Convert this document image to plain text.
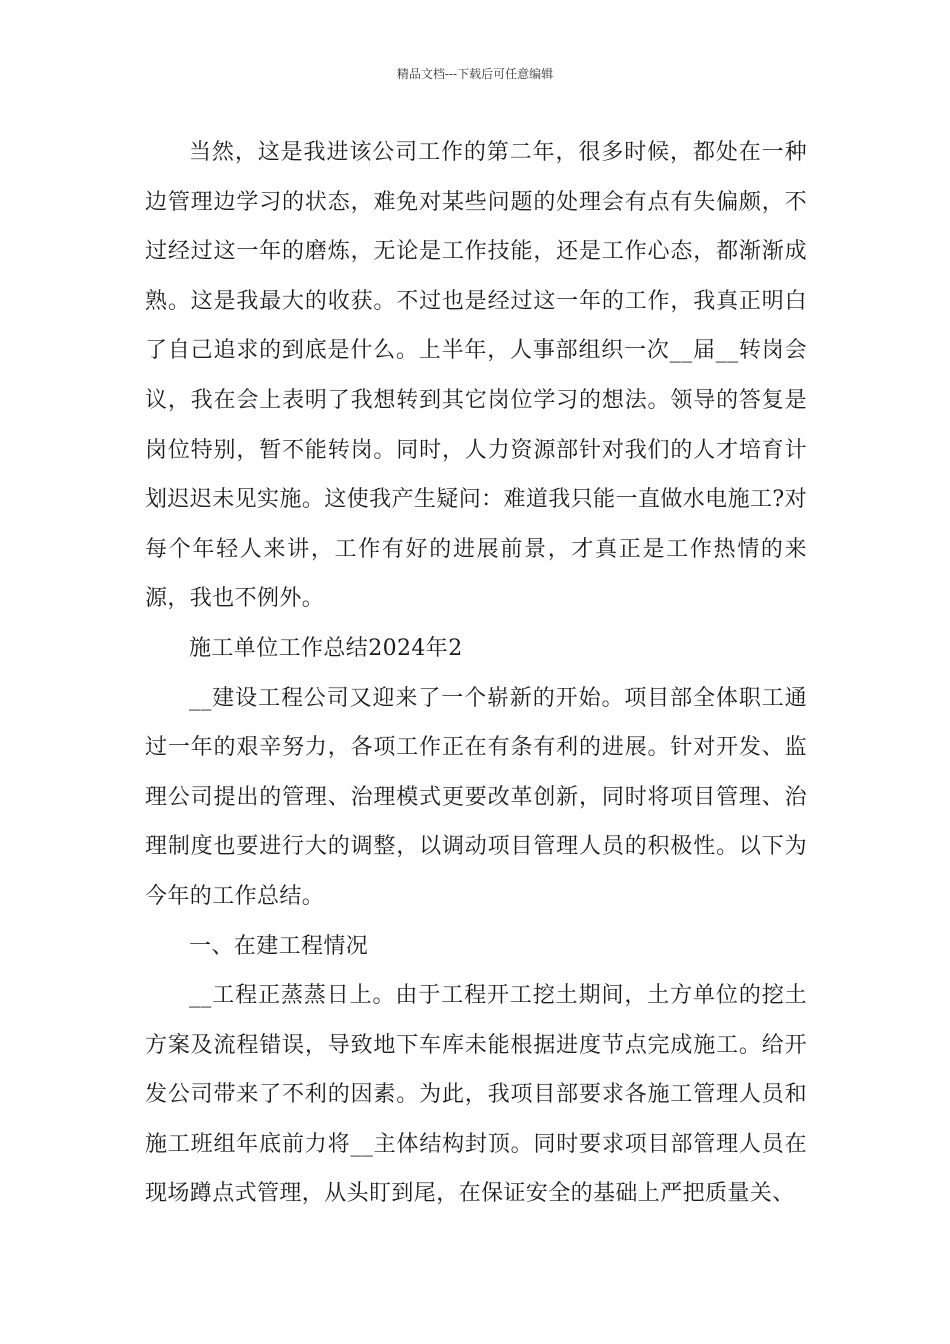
精品文档---下载后可任意编辑

当然，这是我进该公司工作的第二年，很多时候，都处在一种边管理边学习的状态，难免对某些问题的处理会有点有失偏颇，不过经过这一年的磨炼，无论是工作技能，还是工作心态，都渐渐成熟。这是我最大的收获。不过也是经过这一年的工作，我真正明白了自己追求的到底是什么。上半年，人事部组织一次__届__转岗会议，我在会上表明了我想转到其它岗位学习的想法。领导的答复是岗位特别，暂不能转岗。同时，人力资源部针对我们的人才培育计划迟迟未见实施。这使我产生疑问：难道我只能一直做水电施工?对每个年轻人来讲，工作有好的进展前景，才真正是工作热情的来源，我也不例外。

施工单位工作总结2024年2

__建设工程公司又迎来了一个崭新的开始。项目部全体职工通过一年的艰辛努力，各项工作正在有条有利的进展。针对开发、监理公司提出的管理、治理模式更要改革创新，同时将项目管理、治理制度也要进行大的调整，以调动项目管理人员的积极性。以下为今年的工作总结。

一、在建工程情况

__工程正蒸蒸日上。由于工程开工挖土期间，土方单位的挖土方案及流程错误，导致地下车库未能根据进度节点完成施工。给开发公司带来了不利的因素。为此，我项目部要求各施工管理人员和施工班组年底前力将__主体结构封顶。同时要求项目部管理人员在现场蹲点式管理，从头盯到尾，在保证安全的基础上严把质量关、
